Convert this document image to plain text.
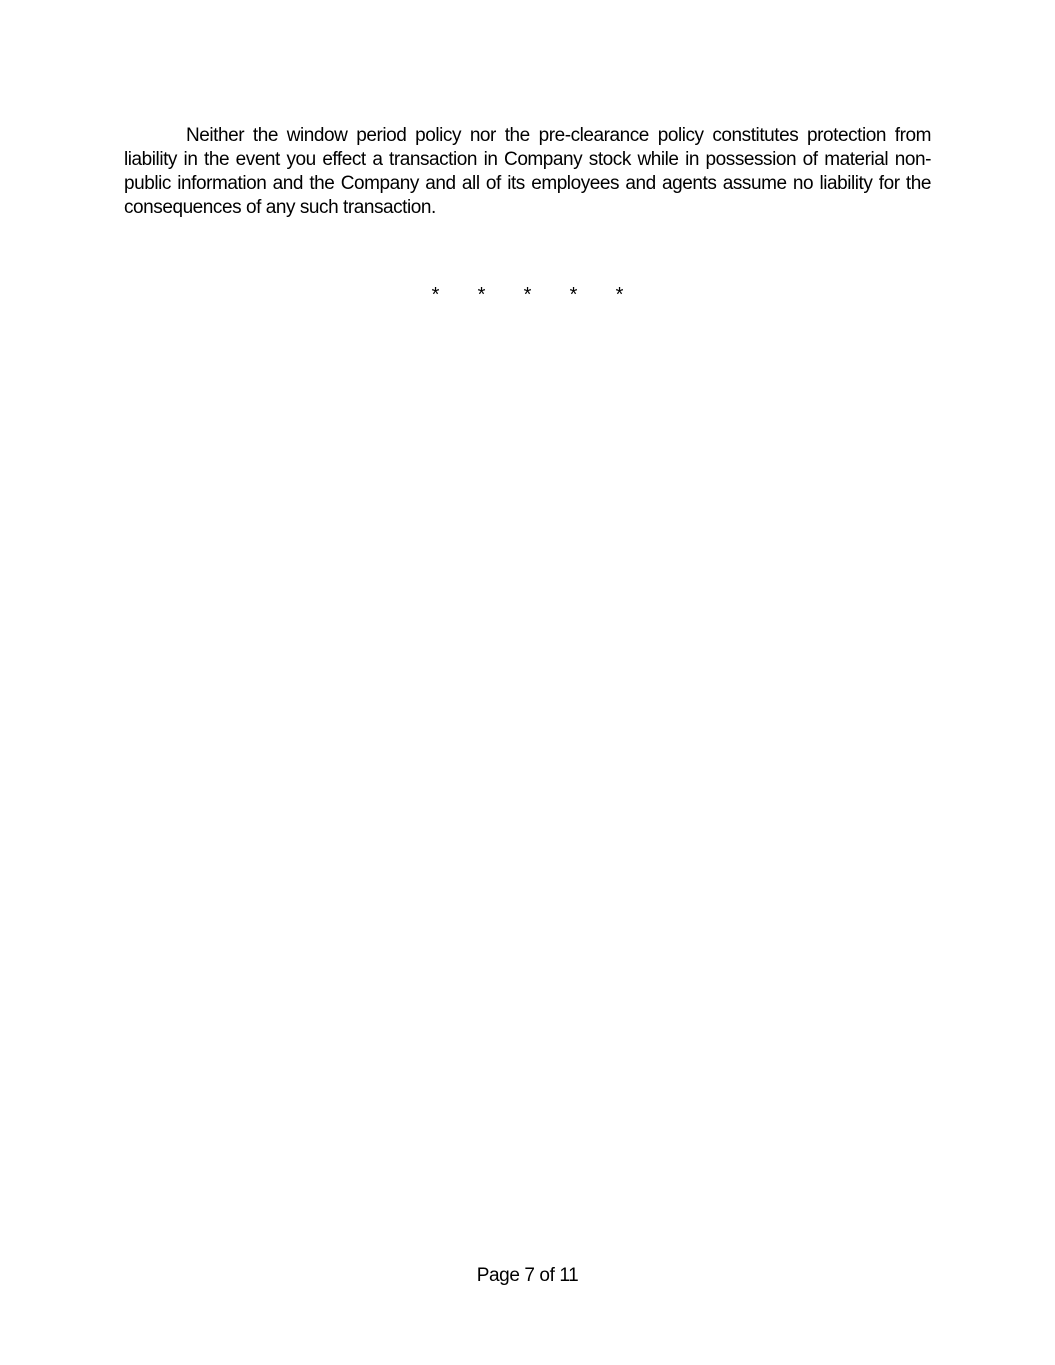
Neither the window period policy nor the pre-clearance policy constitutes protection from liability in the event you effect a transaction in Company stock while in possession of material non-public information and the Company and all of its employees and agents assume no liability for the consequences of any such transaction.

*    *    *    *    *
Page 7 of 11
